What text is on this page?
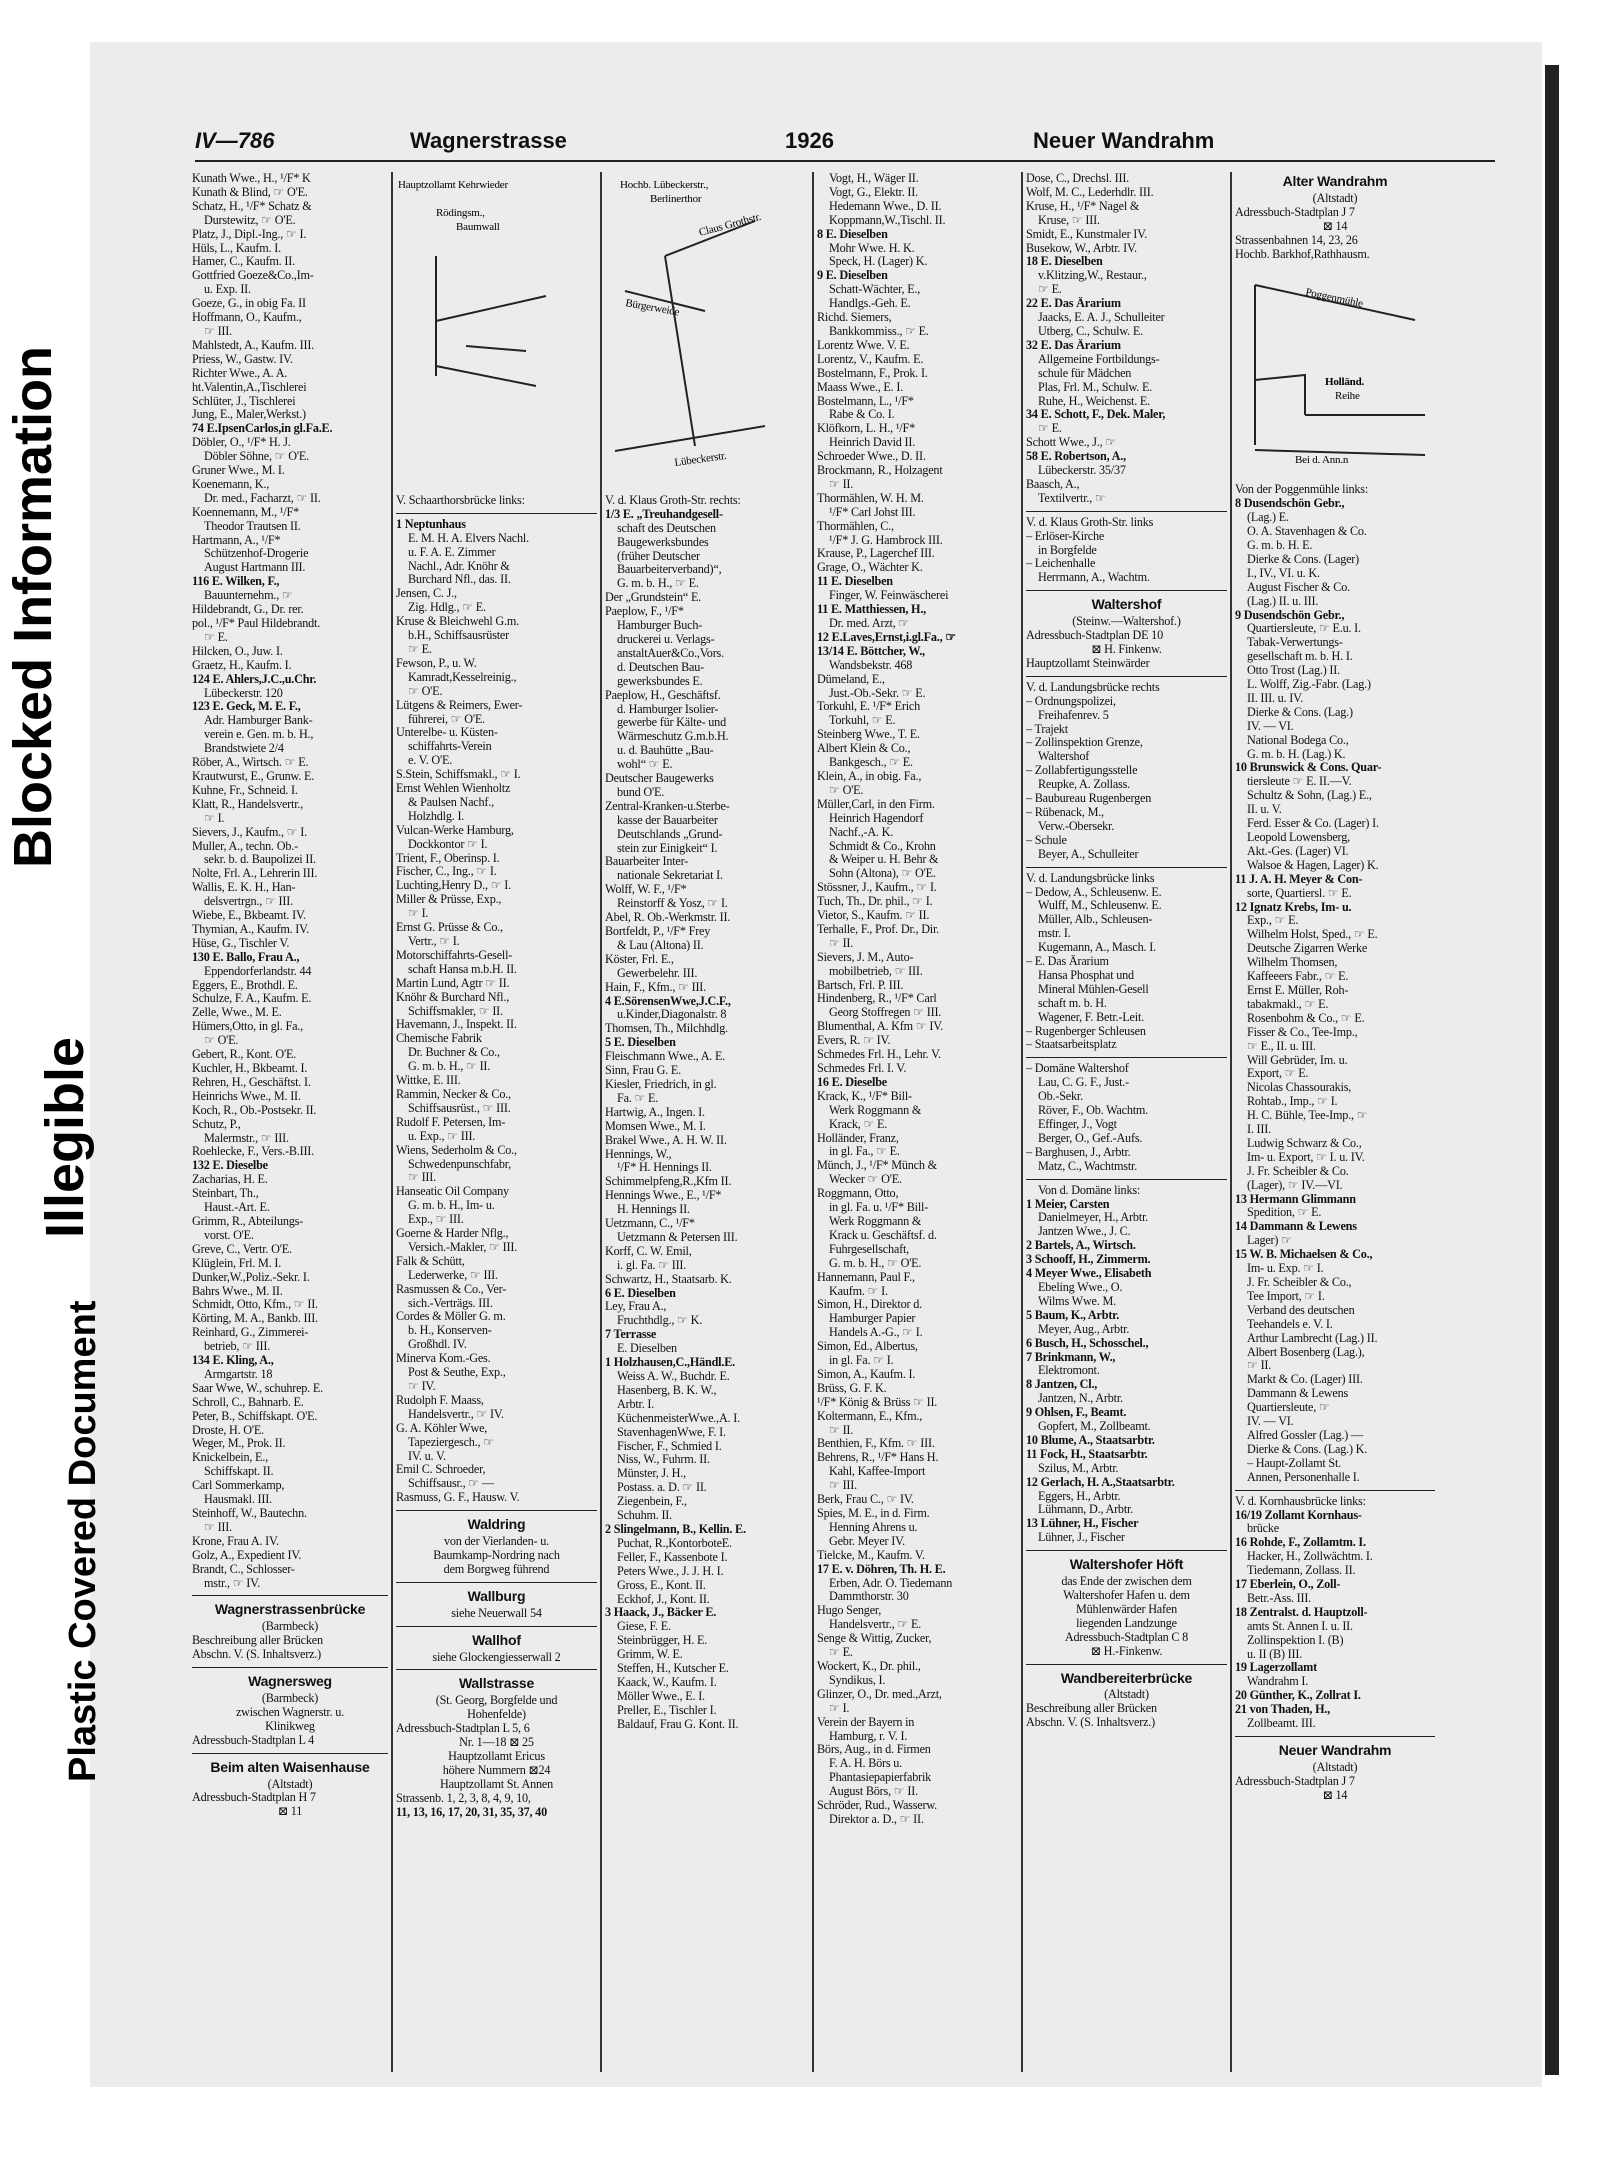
Plastic Covered Document
Illegible
Blocked Information
IV—786	Wagnerstrasse	1926	Neuer Wandrahm
Kunath Wwe., H., ¹/F* K
Kunath & Blind, ☞ O'E.
Schatz, H., ¹/F* Schatz &
Durstewitz, ☞ O'E.
Platz, J., Dipl.-Ing., ☞ I.
Hüls, L., Kaufm. I.
Hamer, C., Kaufm. II.
Gottfried Goeze&Co.,Im-
u. Exp. II.
Goeze, G., in obig Fa. II
Hoffmann, O., Kaufm.,
☞ III.
Mahlstedt, A., Kaufm. III.
Priess, W., Gastw. IV.
Richter Wwe., A. A.
ht.Valentin,A.,Tischlerei
Schlüter, J., Tischlerei
Jung, E., Maler,Werkst.)
74 E.IpsenCarlos,in gl.Fa.E.
Döbler, O., ¹/F* H. J.
Döbler Söhne, ☞ O'E.
Gruner Wwe., M. I.
Koenemann, K.,
Dr. med., Facharzt, ☞ II.
Koennemann, M., ¹/F*
Theodor Trautsen II.
Hartmann, A., ¹/F*
Schützenhof-Drogerie
August Hartmann III.
116 E. Wilken, F.,
Bauunternehm., ☞
Hildebrandt, G., Dr. rer.
pol., ¹/F* Paul Hildebrandt.
☞ E.
Hilcken, O., Juw. I.
Graetz, H., Kaufm. I.
124 E. Ahlers,J.C.,u.Chr.
Lübeckerstr. 120
123 E. Geck, M. E. F.,
Adr. Hamburger Bank-
verein e. Gen. m. b. H.,
Brandstwiete 2/4
Röber, A., Wirtsch. ☞ E.
Krautwurst, E., Grunw. E.
Kuhne, Fr., Schneid. I.
Klatt, R., Handelsvertr.,
☞ I.
Sievers, J., Kaufm., ☞ I.
Muller, A., techn. Ob.-
sekr. b. d. Baupolizei II.
Nolte, Frl. A., Lehrerin III.
Wallis, E. K. H., Han-
delsvertrgn., ☞ III.
Wiebe, E., Bkbeamt. IV.
Thymian, A., Kaufm. IV.
Hüse, G., Tischler V.
130 E. Ballo, Frau A.,
Eppendorferlandstr. 44
Eggers, E., Brothdl. E.
Schulze, F. A., Kaufm. E.
Zelle, Wwe., M. E.
Hümers,Otto, in gl. Fa.,
☞ O'E.
Gebert, R., Kont. O'E.
Kuchler, H., Bkbeamt. I.
Rehren, H., Geschäftst. I.
Heinrichs Wwe., M. II.
Koch, R., Ob.-Postsekr. II.
Schutz, P.,
Malermstr., ☞ III.
Roehlecke, F., Vers.-B.III.
132 E. Dieselbe
Zacharias, H. E.
Steinbart, Th.,
Haust.-Art. E.
Grimm, R., Abteilungs-
vorst. O'E.
Greve, C., Vertr. O'E.
Klüglein, Frl. M. I.
Dunker,W.,Poliz.-Sekr. I.
Bahrs Wwe., M. II.
Schmidt, Otto, Kfm., ☞ II.
Körting, M. A., Bankb. III.
Reinhard, G., Zimmerei-
betrieb, ☞ III.
134 E. Kling, A.,
Armgartstr. 18
Saar Wwe, W., schuhrep. E.
Schroll, C., Bahnarb. E.
Peter, B., Schiffskapt. O'E.
Droste, H. O'E.
Weger, M., Prok. II.
Knickelbein, E.,
Schiffskapt. II.
Carl Sommerkamp,
Hausmakl. III.
Steinhoff, W., Bautechn.
☞ III.
Krone, Frau A. IV.
Golz, A., Expedient IV.
Brandt, C., Schlosser-
mstr., ☞ IV.
Wagnerstrassenbrücke
(Barmbeck)
Beschreibung aller Brücken
Abschn. V. (S. Inhaltsverz.)
Wagnersweg
(Barmbeck)
zwischen Wagnerstr. u.
Klinikweg
Adressbuch-Stadtplan L 4
Beim alten Waisenhause
(Altstadt)
Adressbuch-Stadtplan H 7
⊠ 11
Hauptzollamt Kehrwieder
Rödingsm.,
Baumwall
V. Schaarthorsbrücke links:
1 Neptunhaus
E. M. H. A. Elvers Nachl.
u. F. A. E. Zimmer
Nachl., Adr. Knöhr &
Burchard Nfl., das. II.
Jensen, C. J.,
Zig. Hdlg., ☞ E.
Kruse & Bleichwehl G.m.
b.H., Schiffsausrüster
☞ E.
Fewson, P., u. W.
Kamradt,Kesselreinig.,
☞ O'E.
Lütgens & Reimers, Ewer-
führerei, ☞ O'E.
Unterelbe- u. Küsten-
schiffahrts-Verein
e. V. O'E.
S.Stein, Schiffsmakl., ☞ I.
Ernst Wehlen Wienholtz
& Paulsen Nachf.,
Holzhdlg. I.
Vulcan-Werke Hamburg,
Dockkontor ☞ I.
Trient, F., Oberinsp. I.
Fischer, C., Ing., ☞ I.
Luchting,Henry D., ☞ I.
Miller & Prüsse, Exp.,
☞ I.
Ernst G. Prüsse & Co.,
Vertr., ☞ I.
Motorschiffahrts-Gesell-
schaft Hansa m.b.H. II.
Martin Lund, Agtr ☞ II.
Knöhr & Burchard Nfl.,
Schiffsmakler, ☞ II.
Havemann, J., Inspekt. II.
Chemische Fabrik
Dr. Buchner & Co.,
G. m. b. H., ☞ II.
Wittke, E. III.
Rammin, Necker & Co.,
Schiffsausrüst., ☞ III.
Rudolf F. Petersen, Im-
u. Exp., ☞ III.
Wiens, Sederholm & Co.,
Schwedenpunschfabr,
☞ III.
Hanseatic Oil Company
G. m. b. H., Im- u.
Exp., ☞ III.
Goerne & Harder Nflg.,
Versich.-Makler, ☞ III.
Falk & Schütt,
Lederwerke, ☞ III.
Rasmussen & Co., Ver-
sich.-Verträgs. III.
Cordes & Möller G. m.
b. H., Konserven-
Großhdl. IV.
Minerva Kom.-Ges.
Post & Seuthe, Exp.,
☞ IV.
Rudolph F. Maass,
Handelsvertr., ☞ IV.
G. A. Köhler Wwe,
Tapeziergesch., ☞
IV. u. V.
Emil C. Schroeder,
Schiffsausr., ☞ —
Rasmuss, G. F., Hausw. V.
Waldring
von der Vierlanden- u.
Baumkamp-Nordring nach
dem Borgweg führend
Wallburg
siehe Neuerwall 54
Wallhof
siehe Glockengiesserwall 2
Wallstrasse
(St. Georg, Borgfelde und
Hohenfelde)
Adressbuch-Stadtplan L 5, 6
Nr. 1—18 ⊠ 25
Hauptzollamt Ericus
höhere Nummern ⊠24
Hauptzollamt St. Annen
Strassenb. 1, 2, 3, 8, 4, 9, 10,
11, 13, 16, 17, 20, 31, 35, 37, 40
Hochb. Lübeckerstr.,
Berlinerthor
Claus Grothstr.
Bürgerweide
Lübeckerstr.
V. d. Klaus Groth-Str. rechts:
1/3 E. „Treuhandgesell-
schaft des Deutschen
Baugewerksbundes
(früher Deutscher
Bauarbeiterverband)“,
G. m. b. H., ☞ E.
Der „Grundstein“ E.
Paeplow, F., ¹/F*
Hamburger Buch-
druckerei u. Verlags-
anstaltAuer&Co.,Vors.
d. Deutschen Bau-
gewerksbundes E.
Paeplow, H., Geschäftsf.
d. Hamburger Isolier-
gewerbe für Kälte- und
Wärmeschutz G.m.b.H.
u. d. Bauhütte „Bau-
wohl“ ☞ E.
Deutscher Baugewerks
bund O'E.
Zentral-Kranken-u.Sterbe-
kasse der Bauarbeiter
Deutschlands „Grund-
stein zur Einigkeit“ I.
Bauarbeiter Inter-
nationale Sekretariat I.
Wolff, W. F., ¹/F*
Reinstorff & Yosz, ☞ I.
Abel, R. Ob.-Werkmstr. II.
Bortfeldt, P., ¹/F* Frey
& Lau (Altona) II.
Köster, Frl. E.,
Gewerbelehr. III.
Hain, F., Kfm., ☞ III.
4 E.SörensenWwe,J.C.F.,
u.Kinder,Diagonalstr. 8
Thomsen, Th., Milchhdlg.
5 E. Dieselben
Fleischmann Wwe., A. E.
Sinn, Frau G. E.
Kiesler, Friedrich, in gl.
Fa. ☞ E.
Hartwig, A., Ingen. I.
Momsen Wwe., M. I.
Brakel Wwe., A. H. W. II.
Hennings, W.,
¹/F* H. Hennings II.
Schimmelpfeng,R.,Kfm II.
Hennings Wwe., E., ¹/F*
H. Hennings II.
Uetzmann, C., ¹/F*
Uetzmann & Petersen III.
Korff, C. W. Emil,
i. gl. Fa. ☞ III.
Schwartz, H., Staatsarb. K.
6 E. Dieselben
Ley, Frau A.,
Fruchthdlg., ☞ K.
7 Terrasse
E. Dieselben
1 Holzhausen,C.,Händl.E.
Weiss A. W., Buchdr. E.
Hasenberg, B. K. W.,
Arbtr. I.
KüchenmeisterWwe.,A. I.
StavenhagenWwe, F. I.
Fischer, F., Schmied I.
Niss, W., Fuhrm. II.
Münster, J. H.,
Postass. a. D. ☞ II.
Ziegenbein, F.,
Schuhm. II.
2 Slingelmann, B., Kellin. E.
Puchat, R.,KontorboteE.
Feller, F., Kassenbote I.
Peters Wwe., J. J. H. I.
Gross, E., Kont. II.
Eckhof, J., Kont. II.
3 Haack, J., Bäcker E.
Giese, F. E.
Steinbrügger, H. E.
Grimm, W. E.
Steffen, H., Kutscher E.
Kaack, W., Kaufm. I.
Möller Wwe., E. I.
Preller, E., Tischler I.
Baldauf, Frau G. Kont. II.
Vogt, H., Wäger II.
Vogt, G., Elektr. II.
Hedemann Wwe., D. II.
Koppmann,W.,Tischl. II.
8 E. Dieselben
Mohr Wwe. H. K.
Speck, H. (Lager) K.
9 E. Dieselben
Schatt-Wächter, E.,
Handlgs.-Geh. E.
Richd. Siemers,
Bankkommiss., ☞ E.
Lorentz Wwe. V. E.
Lorentz, V., Kaufm. E.
Bostelmann, F., Prok. I.
Maass Wwe., E. I.
Bostelmann, L., ¹/F*
Rabe & Co. I.
Klöfkorn, L. H., ¹/F*
Heinrich David II.
Schroeder Wwe., D. II.
Brockmann, R., Holzagent
☞ II.
Thormählen, W. H. M.
¹/F* Carl Johst III.
Thormählen, C.,
¹/F* J. G. Hambrock III.
Krause, P., Lagerchef III.
Grage, O., Wächter K.
11 E. Dieselben
Finger, W. Feinwäscherei
11 E. Matthiessen, H.,
Dr. med. Arzt, ☞
12 E.Laves,Ernst,i.gl.Fa., ☞
13/14 E. Böttcher, W.,
Wandsbekstr. 468
Dümeland, E.,
Just.-Ob.-Sekr. ☞ E.
Torkuhl, E. ¹/F* Erich
Torkuhl, ☞ E.
Steinberg Wwe., T. E.
Albert Klein & Co.,
Bankgesch., ☞ E.
Klein, A., in obig. Fa.,
☞ O'E.
Müller,Carl, in den Firm.
Heinrich Hagendorf
Nachf.,-A. K.
Schmidt & Co., Krohn
& Weiper u. H. Behr &
Sohn (Altona), ☞ O'E.
Stössner, J., Kaufm., ☞ I.
Tuch, Th., Dr. phil., ☞ I.
Vietor, S., Kaufm. ☞ II.
Terhalle, F., Prof. Dr., Dir.
☞ II.
Sievers, J. M., Auto-
mobilbetrieb, ☞ III.
Bartsch, Frl. P. III.
Hindenberg, R., ¹/F* Carl
Georg Stoffregen ☞ III.
Blumenthal, A. Kfm ☞ IV.
Evers, R. ☞ IV.
Schmedes Frl. H., Lehr. V.
Schmedes Frl. I. V.
16 E. Dieselbe
Krack, K., ¹/F* Bill-
Werk Roggmann &
Krack, ☞ E.
Holländer, Franz,
in gl. Fa., ☞ E.
Münch, J., ¹/F* Münch &
Wecker ☞ O'E.
Roggmann, Otto,
in gl. Fa. u. ¹/F* Bill-
Werk Roggmann &
Krack u. Geschäftsf. d.
Fuhrgesellschaft,
G. m. b. H., ☞ O'E.
Hannemann, Paul F.,
Kaufm. ☞ I.
Simon, H., Direktor d.
Hamburger Papier
Handels A.-G., ☞ I.
Simon, Ed., Albertus,
in gl. Fa. ☞ I.
Simon, A., Kaufm. I.
Brüss, G. F. K.
¹/F* König & Brüss ☞ II.
Koltermann, E., Kfm.,
☞ II.
Benthien, F., Kfm. ☞ III.
Behrens, R., ¹/F* Hans H.
Kahl, Kaffee-Import
☞ III.
Berk, Frau C., ☞ IV.
Spies, M. E., in d. Firm.
Henning Ahrens u.
Gebr. Meyer IV.
Tielcke, M., Kaufm. V.
17 E. v. Döhren, Th. H. E.
Erben, Adr. O. Tiedemann
Dammthorstr. 30
Hugo Senger,
Handelsvertr., ☞ E.
Senge & Wittig, Zucker,
☞ E.
Wockert, K., Dr. phil.,
Syndikus, I.
Glinzer, O., Dr. med.,Arzt,
☞ I.
Verein der Bayern in
Hamburg, r. V. I.
Börs, Aug., in d. Firmen
F. A. H. Börs u.
Phantasiepapierfabrik
August Börs, ☞ II.
Schröder, Rud., Wasserw.
Direktor a. D., ☞ II.
Dose, C., Drechsl. III.
Wolf, M. C., Lederhdlr. III.
Kruse, H., ¹/F* Nagel &
Kruse, ☞ III.
Smidt, E., Kunstmaler IV.
Busekow, W., Arbtr. IV.
18 E. Dieselben
v.Klitzing,W., Restaur.,
☞ E.
22 E. Das Ärarium
Jaacks, E. A. J., Schulleiter
Utberg, C., Schulw. E.
32 E. Das Ärarium
Allgemeine Fortbildungs-
schule für Mädchen
Plas, Frl. M., Schulw. E.
Ruhe, H., Weichenst. E.
34 E. Schott, F., Dek. Maler,
☞ E.
Schott Wwe., J., ☞
58 E. Robertson, A.,
Lübeckerstr. 35/37
Baasch, A.,
Textilvertr., ☞
V. d. Klaus Groth-Str. links
– Erlöser-Kirche
in Borgfelde
– Leichenhalle
Herrmann, A., Wachtm.
Waltershof
(Steinw.—Waltershof.)
Adressbuch-Stadtplan DE 10
⊠ H. Finkenw.
Hauptzollamt Steinwärder
V. d. Landungsbrücke rechts
– Ordnungspolizei,
Freihafenrev. 5
– Trajekt
– Zollinspektion Grenze,
Waltershof
– Zollabfertigungsstelle
Reupke, A. Zollass.
– Baubureau Rugenbergen
– Rübenack, M.,
Verw.-Obersekr.
– Schule
Beyer, A., Schulleiter
V. d. Landungsbrücke links
– Dedow, A., Schleusenw. E.
Wulff, M., Schleusenw. E.
Müller, Alb., Schleusen-
mstr. I.
Kugemann, A., Masch. I.
– E. Das Ärarium
Hansa Phosphat und
Mineral Mühlen-Gesell
schaft m. b. H.
Wagener, F. Betr.-Leit.
– Rugenberger Schleusen
– Staatsarbeitsplatz
– Domäne Waltershof
Lau, C. G. F., Just.-
Ob.-Sekr.
Röver, F., Ob. Wachtm.
Effinger, J., Vogt
Berger, O., Gef.-Aufs.
– Barghusen, J., Arbtr.
Matz, C., Wachtmstr.
Von d. Domäne links:
1 Meier, Carsten
Danielmeyer, H., Arbtr.
Jantzen Wwe., J. C.
2 Bartels, A., Wirtsch.
3 Schooff, H., Zimmerm.
4 Meyer Wwe., Elisabeth
Ebeling Wwe., O.
Wilms Wwe. M.
5 Baum, K., Arbtr.
Meyer, Aug., Arbtr.
6 Busch, H., Schosschel.,
7 Brinkmann, W.,
Elektromont.
8 Jantzen, Cl.,
Jantzen, N., Arbtr.
9 Ohlsen, F., Beamt.
Gopfert, M., Zollbeamt.
10 Blume, A., Staatsarbtr.
11 Fock, H., Staatsarbtr.
Szilus, M., Arbtr.
12 Gerlach, H. A.,Staatsarbtr.
Eggers, H., Arbtr.
Lühmann, D., Arbtr.
13 Lühner, H., Fischer
Lühner, J., Fischer
Waltershofer Höft
das Ende der zwischen dem
Waltershofer Hafen u. dem
Mühlenwärder Hafen
liegenden Landzunge
Adressbuch-Stadtplan C 8
⊠ H.-Finkenw.
Wandbereiterbrücke
(Altstadt)
Beschreibung aller Brücken
Abschn. V. (S. Inhaltsverz.)
Alter Wandrahm
(Altstadt)
Adressbuch-Stadtplan J 7
⊠ 14
Strassenbahnen 14, 23, 26
Hochb. Barkhof,Rathhausm.
Poggenmühle
Holländ.
Reihe
Bei d. Ann.n
Von der Poggenmühle links:
8 Dusendschön Gebr.,
(Lag.) E.
O. A. Stavenhagen & Co.
G. m. b. H. E.
Dierke & Cons. (Lager)
I., IV., VI. u. K.
August Fischer & Co.
(Lag.) II. u. III.
9 Dusendschön Gebr.,
Quartiersleute, ☞ E.u. I.
Tabak-Verwertungs-
gesellschaft m. b. H. I.
Otto Trost (Lag.) II.
L. Wolff, Zig.-Fabr. (Lag.)
II. III. u. IV.
Dierke & Cons. (Lag.)
IV. — VI.
National Bodega Co.,
G. m. b. H. (Lag.) K.
10 Brunswick & Cons. Quar-
tiersleute ☞ E. II.—V.
Schultz & Sohn, (Lag.) E.,
II. u. V.
Ferd. Esser & Co. (Lager) I.
Leopold Lowensberg,
Akt.-Ges. (Lager) VI.
Walsoe & Hagen, Lager) K.
11 J. A. H. Meyer & Con-
sorte, Quartiersl. ☞ E.
12 Ignatz Krebs, Im- u.
Exp., ☞ E.
Wilhelm Holst, Sped., ☞ E.
Deutsche Zigarren Werke
Wilhelm Thomsen,
Kaffeeers Fabr., ☞ E.
Ernst E. Müller, Roh-
tabakmakl., ☞ E.
Rosenbohm & Co., ☞ E.
Fisser & Co., Tee-Imp.,
☞ E., II. u. III.
Will Gebrüder, Im. u.
Export, ☞ E.
Nicolas Chassourakis,
Rohtab., Imp., ☞ I.
H. C. Bühle, Tee-Imp., ☞
I. III.
Ludwig Schwarz & Co.,
Im- u. Export, ☞ I. u. IV.
J. Fr. Scheibler & Co.
(Lager), ☞ IV.—VI.
13 Hermann Glimmann
Spedition, ☞ E.
14 Dammann & Lewens
Lager) ☞
15 W. B. Michaelsen & Co.,
Im- u. Exp. ☞ I.
J. Fr. Scheibler & Co.,
Tee Import, ☞ I.
Verband des deutschen
Teehandels e. V. I.
Arthur Lambrecht (Lag.) II.
Albert Bosenberg (Lag.),
☞ II.
Markt & Co. (Lager) III.
Dammann & Lewens
Quartiersleute, ☞
IV. — VI.
Alfred Gossler (Lag.) —
Dierke & Cons. (Lag.) K.
– Haupt-Zollamt St.
Annen, Personenhalle I.
V. d. Kornhausbrücke links:
16/19 Zollamt Kornhaus-
brücke
16 Rohde, F., Zollamtm. I.
Hacker, H., Zollwächtm. I.
Tiedemann, Zollass. II.
17 Eberlein, O., Zoll-
Betr.-Ass. III.
18 Zentralst. d. Hauptzoll-
amts St. Annen I. u. II.
Zollinspektion I. (B)
u. II (B) III.
19 Lagerzollamt
Wandrahm I.
20 Günther, K., Zollrat I.
21 von Thaden, H.,
Zollbeamt. III.
Neuer Wandrahm
(Altstadt)
Adressbuch-Stadtplan J 7
⊠ 14
